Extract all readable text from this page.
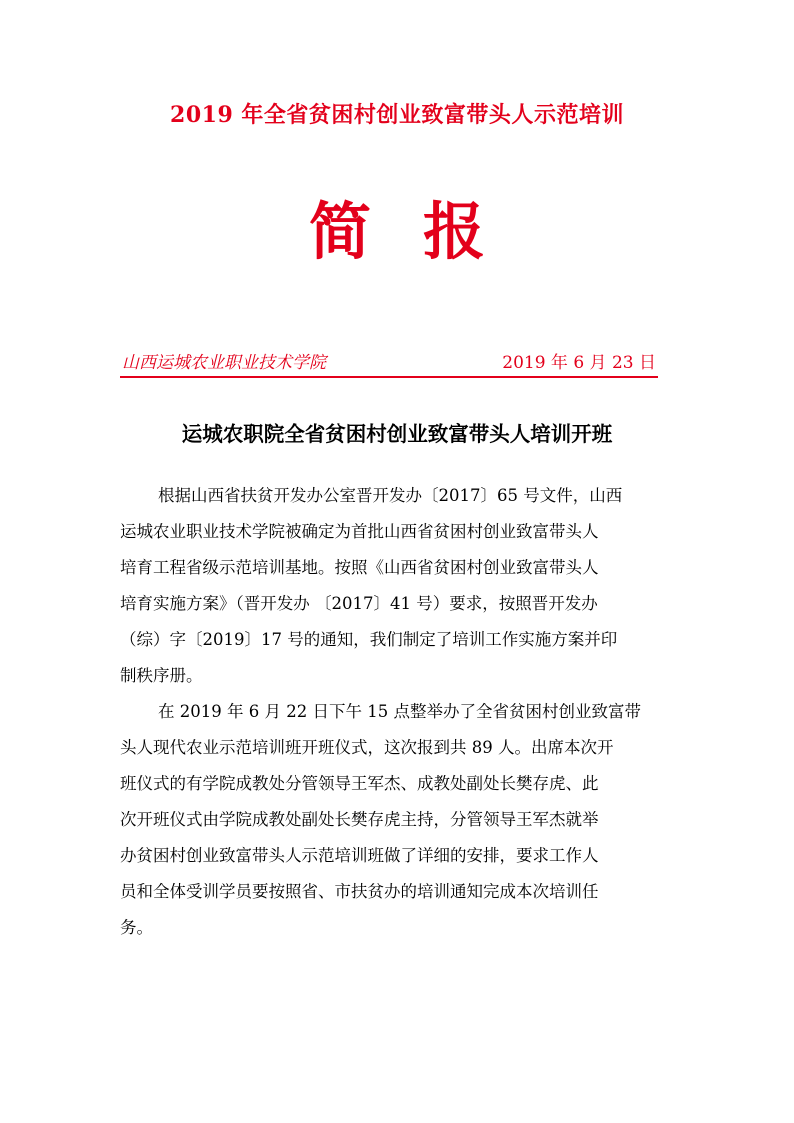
2019 年全省贫困村创业致富带头人示范培训
简 报
山西运城农业职业技术学院	2019 年 6 月 23 日
运城农职院全省贫困村创业致富带头人培训开班
根据山西省扶贫开发办公室晋开发办〔2017〕65 号文件，山西
运城农业职业技术学院被确定为首批山西省贫困村创业致富带头人
培育工程省级示范培训基地。按照《山西省贫困村创业致富带头人
培育实施方案》（晋开发办 〔2017〕41 号）要求，按照晋开发办
（综）字〔2019〕17 号的通知，我们制定了培训工作实施方案并印
制秩序册。
在 2019 年 6 月 22 日下午 15 点整举办了全省贫困村创业致富带
头人现代农业示范培训班开班仪式，这次报到共 89 人。出席本次开
班仪式的有学院成教处分管领导王军杰、成教处副处长樊存虎、此
次开班仪式由学院成教处副处长樊存虎主持，分管领导王军杰就举
办贫困村创业致富带头人示范培训班做了详细的安排，要求工作人
员和全体受训学员要按照省、市扶贫办的培训通知完成本次培训任
务。
